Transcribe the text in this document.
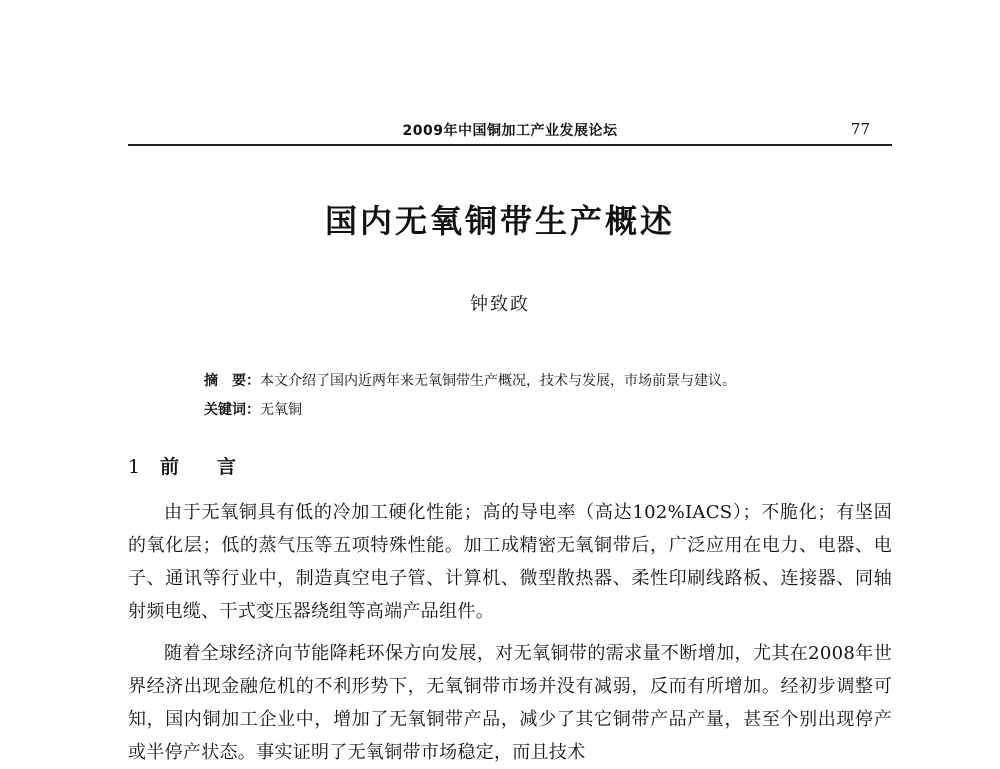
2009年中国铜加工产业发展论坛	77
国内无氧铜带生产概述
钟致政
摘　要：本文介绍了国内近两年来无氧铜带生产概况，技术与发展，市场前景与建议。
关键词：无氧铜
1 前　　言

由于无氧铜具有低的冷加工硬化性能；高的导电率（高达102%IACS）；不脆化；有坚固的氧化层；低的蒸气压等五项特殊性能。加工成精密无氧铜带后，广泛应用在电力、电器、电子、通讯等行业中，制造真空电子管、计算机、微型散热器、柔性印刷线路板、连接器、同轴射频电缆、干式变压器绕组等高端产品组件。

随着全球经济向节能降耗环保方向发展，对无氧铜带的需求量不断增加，尤其在2008年世界经济出现金融危机的不利形势下，无氧铜带市场并没有减弱，反而有所增加。经初步调整可知，国内铜加工企业中，增加了无氧铜带产品，减少了其它铜带产品产量，甚至个别出现停产或半停产状态。事实证明了无氧铜带市场稳定，而且技术
